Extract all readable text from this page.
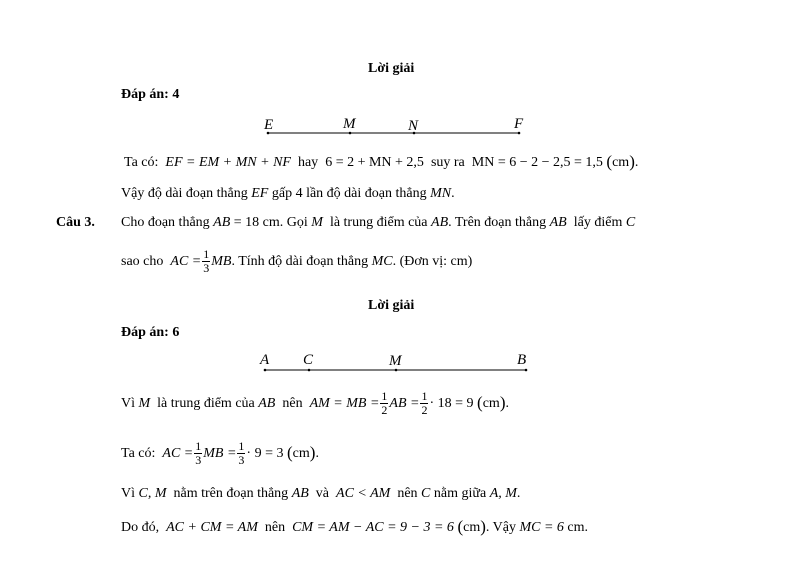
Lời giải
Đáp án: 4
E	M	N	F
Ta có: EF = EM + MN + NF hay 6 = 2 + MN + 2,5 suy ra MN = 6 − 2 − 2,5 = 1,5 (cm).
Vậy độ dài đoạn thẳng EF gấp 4 lần độ dài đoạn thẳng MN.
Câu 3. Cho đoạn thẳng AB = 18 cm. Gọi M là trung điểm của AB. Trên đoạn thẳng AB lấy điểm C
sao cho AC = $\frac{1}{3}$ MB. Tính độ dài đoạn thẳng MC. (Đơn vị: cm)
Lời giải
Đáp án: 6
A C	M	B
Vì M là trung điểm của AB nên AM = MB = $\frac{1}{2}$ AB = $\frac{1}{2} \cdot 18 = 9$ (cm).
Ta có: AC = $\frac{1}{3}$ MB = $\frac{1}{3} \cdot 9 = 3$ (cm).
Vì C, M nằm trên đoạn thẳng AB và AC < AM nên C nằm giữa A, M.
Do đó, AC + CM = AM nên CM = AM − AC = 9 − 3 = 6 (cm). Vậy MC = 6 cm.
